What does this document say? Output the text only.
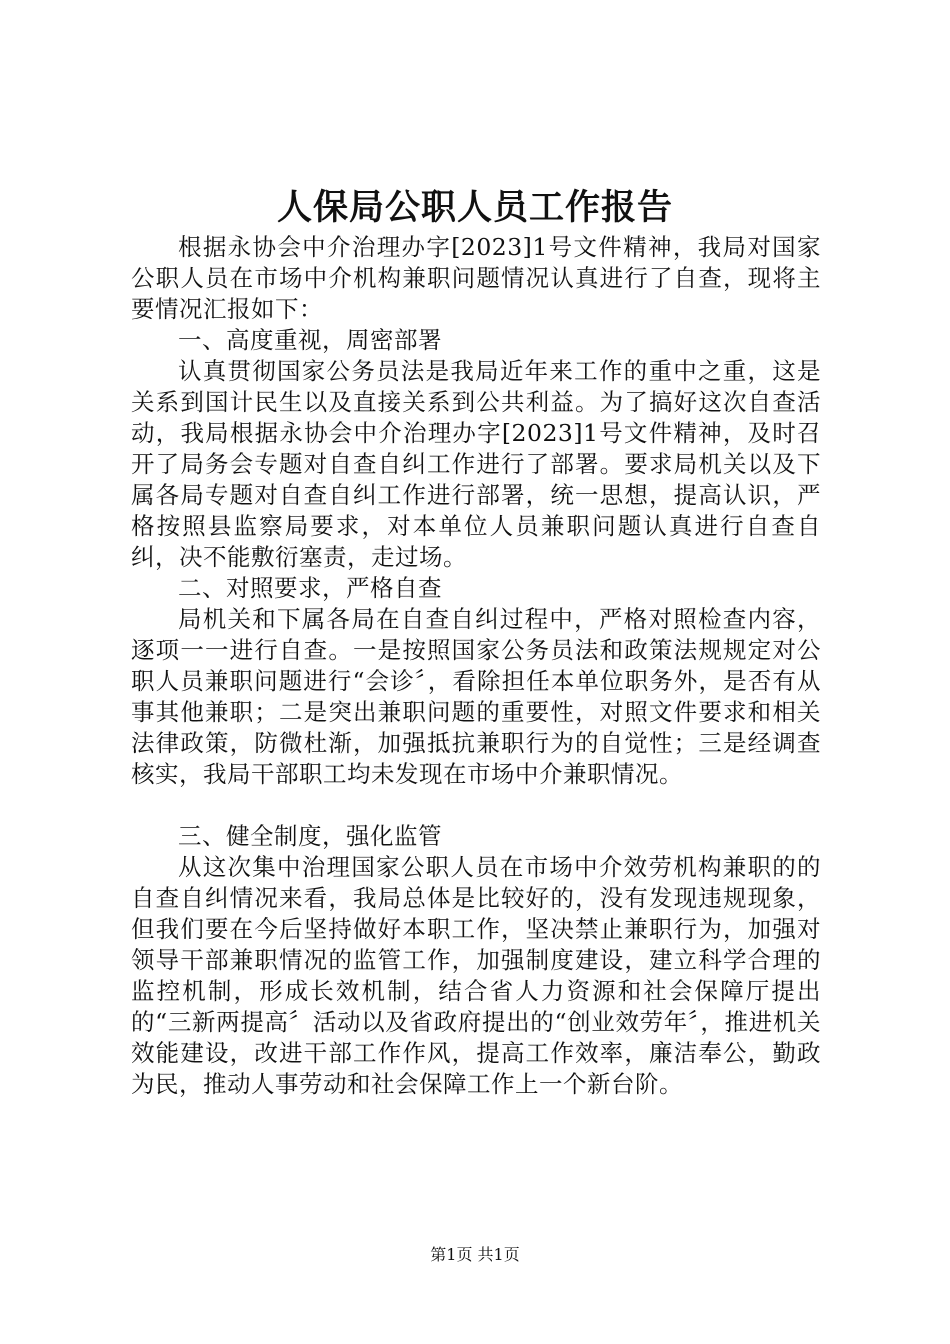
人保局公职人员工作报告

根据永协会中介治理办字[2023]1号文件精神，我局对国家公职人员在市场中介机构兼职问题情况认真进行了自查，现将主要情况汇报如下：

一、高度重视，周密部署

认真贯彻国家公务员法是我局近年来工作的重中之重，这是关系到国计民生以及直接关系到公共利益。为了搞好这次自查活动，我局根据永协会中介治理办字[2023]1号文件精神，及时召开了局务会专题对自查自纠工作进行了部署。要求局机关以及下属各局专题对自查自纠工作进行部署，统一思想，提高认识，严格按照县监察局要求，对本单位人员兼职问题认真进行自查自纠，决不能敷衍塞责，走过场。

二、对照要求，严格自查

局机关和下属各局在自查自纠过程中，严格对照检查内容，逐项一一进行自查。一是按照国家公务员法和政策法规规定对公职人员兼职问题进行“会诊〞，看除担任本单位职务外，是否有从事其他兼职；二是突出兼职问题的重要性，对照文件要求和相关法律政策，防微杜渐，加强抵抗兼职行为的自觉性；三是经调查核实，我局干部职工均未发现在市场中介兼职情况。

三、健全制度，强化监管

从这次集中治理国家公职人员在市场中介效劳机构兼职的的自查自纠情况来看，我局总体是比较好的，没有发现违规现象，但我们要在今后坚持做好本职工作，坚决禁止兼职行为，加强对领导干部兼职情况的监管工作，加强制度建设，建立科学合理的监控机制，形成长效机制，结合省人力资源和社会保障厅提出的“三新两提高〞活动以及省政府提出的“创业效劳年〞，推进机关效能建设，改进干部工作作风，提高工作效率，廉洁奉公，勤政为民，推动人事劳动和社会保障工作上一个新台阶。

第1页 共1页
